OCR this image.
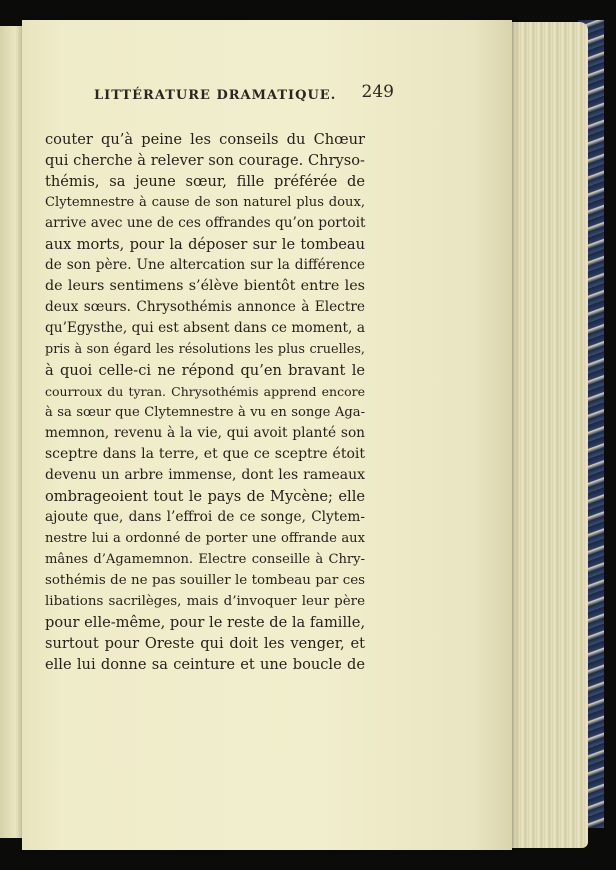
LITTÉRATURE DRAMATIQUE. 249
couter qu’à peine les conseils du Chœur
qui cherche à relever son courage. Chryso-
thémis, sa jeune sœur, fille préférée de
Clytemnestre à cause de son naturel plus doux,
arrive avec une de ces offrandes qu’on portoit
aux morts, pour la déposer sur le tombeau
de son père. Une altercation sur la différence
de leurs sentimens s’élève bientôt entre les
deux sœurs. Chrysothémis annonce à Electre
qu’Egysthe, qui est absent dans ce moment, a
pris à son égard les résolutions les plus cruelles,
à quoi celle-ci ne répond qu’en bravant le
courroux du tyran. Chrysothémis apprend encore
à sa sœur que Clytemnestre à vu en songe Aga-
memnon, revenu à la vie, qui avoit planté son
sceptre dans la terre, et que ce sceptre étoit
devenu un arbre immense, dont les rameaux
ombrageoient tout le pays de Mycène; elle
ajoute que, dans l’effroi de ce songe, Clytem-
nestre lui a ordonné de porter une offrande aux
mânes d’Agamemnon. Electre conseille à Chry-
sothémis de ne pas souiller le tombeau par ces
libations sacrilèges, mais d’invoquer leur père
pour elle-même, pour le reste de la famille,
surtout pour Oreste qui doit les venger, et
elle lui donne sa ceinture et une boucle de
